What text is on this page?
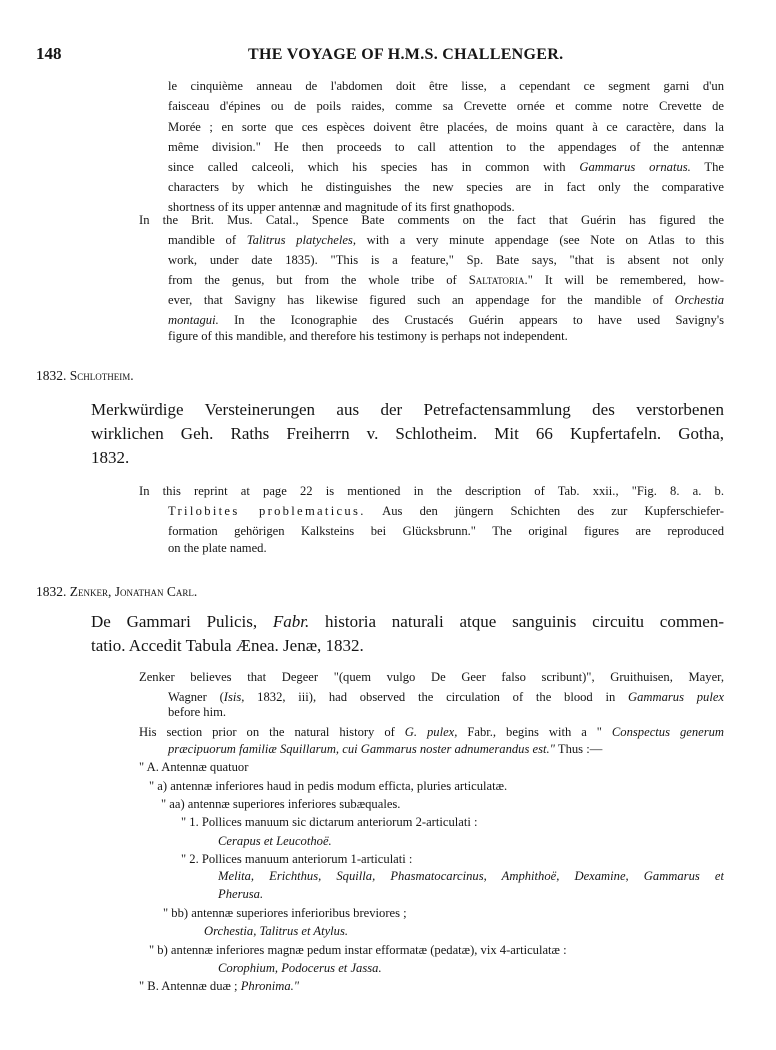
148	THE VOYAGE OF H.M.S. CHALLENGER.
le cinquième anneau de l'abdomen doit être lisse, a cependant ce segment garni d'un
faisceau d'épines ou de poils raides, comme sa Crevette ornée et comme notre Crevette de
Morée ; en sorte que ces espèces doivent être placées, de moins quant à ce caractère, dans la
même division." He then proceeds to call attention to the appendages of the antennæ
since called calceoli, which his species has in common with Gammarus ornatus. The
characters by which he distinguishes the new species are in fact only the comparative
shortness of its upper antennæ and magnitude of its first gnathopods.
In the Brit. Mus. Catal., Spence Bate comments on the fact that Guérin has figured the
mandible of Talitrus platycheles, with a very minute appendage (see Note on Atlas to this
work, under date 1835). "This is a feature," Sp. Bate says, "that is absent not only
from the genus, but from the whole tribe of Saltatoria." It will be remembered, how-
ever, that Savigny has likewise figured such an appendage for the mandible of Orchestia
montagui. In the Iconographie des Crustacés Guérin appears to have used Savigny's
figure of this mandible, and therefore his testimony is perhaps not independent.
1832. Schlotheim.
Merkwürdige Versteinerungen aus der Petrefactensammlung des verstorbenen
wirklichen Geh. Raths Freiherrn v. Schlotheim. Mit 66 Kupfertafeln. Gotha,
1832.
In this reprint at page 22 is mentioned in the description of Tab. xxii., "Fig. 8. a. b.
Trilobites problematicus. Aus den jüngern Schichten des zur Kupferschiefer-
formation gehörigen Kalksteins bei Glücksbrunn." The original figures are reproduced
on the plate named.
1832. Zenker, Jonathan Carl.
De Gammari Pulicis, Fabr. historia naturali atque sanguinis circuitu commen-
tatio. Accedit Tabula Ænea. Jenæ, 1832.
Zenker believes that Degeer "(quem vulgo De Geer falso scribunt)", Gruithuisen, Mayer,
Wagner (Isis, 1832, iii), had observed the circulation of the blood in Gammarus pulex
before him.
His section prior on the natural history of G. pulex, Fabr., begins with a " Conspectus generum
præcipuorum familiæ Squillarum, cui Gammarus noster adnumerandus est." Thus :—
" A. Antennæ quatuor
" a) antennæ inferiores haud in pedis modum efficta, pluries articulatæ.
" aa) antennæ superiores inferiores subæquales.
" 1. Pollices manuum sic dictarum anteriorum 2-articulati :
Cerapus et Leucothoë.
" 2. Pollices manuum anteriorum 1-articulati :
Melita, Erichthus, Squilla, Phasmatocarcinus, Amphithoë, Dexamine, Gammarus et
Pherusa.
" bb) antennæ superiores inferioribus breviores ;
Orchestia, Talitrus et Atylus.
" b) antennæ inferiores magnæ pedum instar efformatæ (pedatæ), vix 4-articulatæ :
Corophium, Podocerus et Jassa.
" B. Antennæ duæ ; Phronima."
